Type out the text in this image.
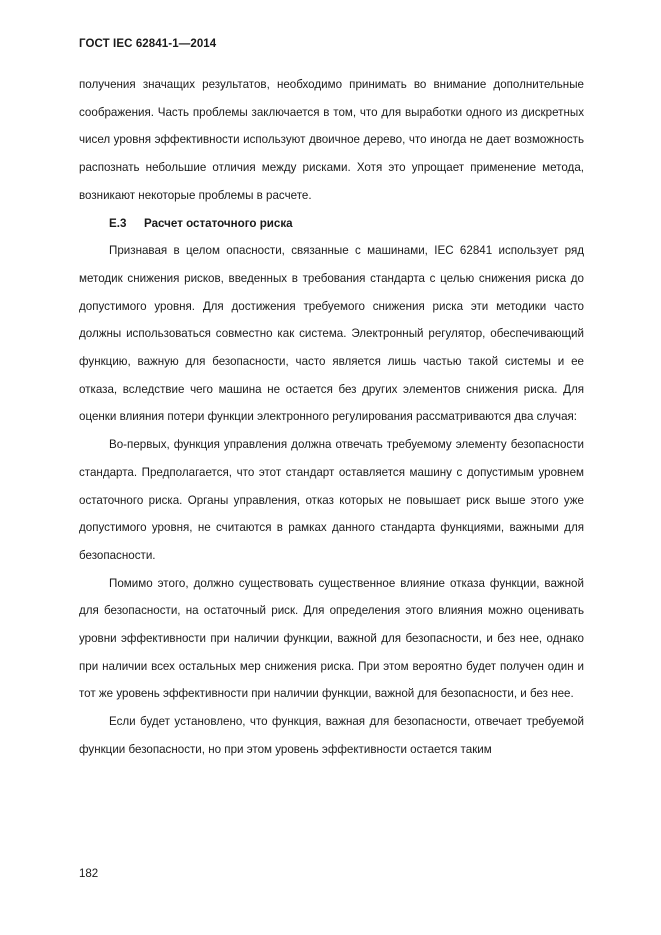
ГОСТ IEC 62841-1—2014

получения значащих результатов, необходимо принимать во внимание дополнительные соображения. Часть проблемы заключается в том, что для выработки одного из дискретных чисел уровня эффективности используют двоичное дерево, что иногда не дает возможность распознать небольшие отличия между рисками. Хотя это упрощает применение метода, возникают некоторые проблемы в расчете.

Е.3 Расчет остаточного риска

Признавая в целом опасности, связанные с машинами, IEC 62841 использует ряд методик снижения рисков, введенных в требования стандарта с целью снижения риска до допустимого уровня. Для достижения требуемого снижения риска эти методики часто должны использоваться совместно как система. Электронный регулятор, обеспечивающий функцию, важную для безопасности, часто является лишь частью такой системы и ее отказа, вследствие чего машина не остается без других элементов снижения риска. Для оценки влияния потери функции электронного регулирования рассматриваются два случая:

Во-первых, функция управления должна отвечать требуемому элементу безопасности стандарта. Предполагается, что этот стандарт оставляется машину с допустимым уровнем остаточного риска. Органы управления, отказ которых не повышает риск выше этого уже допустимого уровня, не считаются в рамках данного стандарта функциями, важными для безопасности.

Помимо этого, должно существовать существенное влияние отказа функции, важной для безопасности, на остаточный риск. Для определения этого влияния можно оценивать уровни эффективности при наличии функции, важной для безопасности, и без нее, однако при наличии всех остальных мер снижения риска. При этом вероятно будет получен один и тот же уровень эффективности при наличии функции, важной для безопасности, и без нее.

Если будет установлено, что функция, важная для безопасности, отвечает требуемой функции безопасности, но при этом уровень эффективности остается таким

182
